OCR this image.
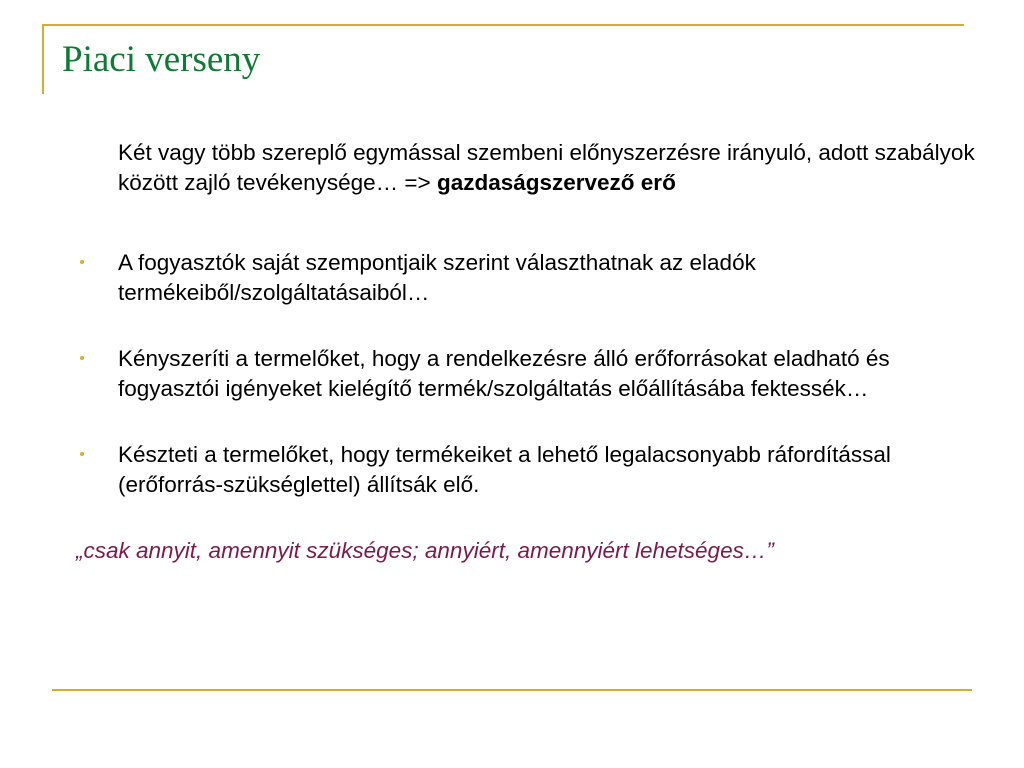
Piaci verseny

Két vagy több szereplő egymással szembeni előnyszerzésre irányuló, adott szabályok között zajló tevékenysége… => gazdaságszervező erő

A fogyasztók saját szempontjaik szerint választhatnak az eladók termékeiből/szolgáltatásaiból…
Kényszeríti a termelőket, hogy a rendelkezésre álló erőforrásokat eladható és fogyasztói igényeket kielégítő termék/szolgáltatás előállításába fektessék…
Készteti a termelőket, hogy termékeiket a lehető legalacsonyabb ráfordítással (erőforrás-szükséglettel) állítsák elő.

„csak annyit, amennyit szükséges; annyiért, amennyiért lehetséges…”
